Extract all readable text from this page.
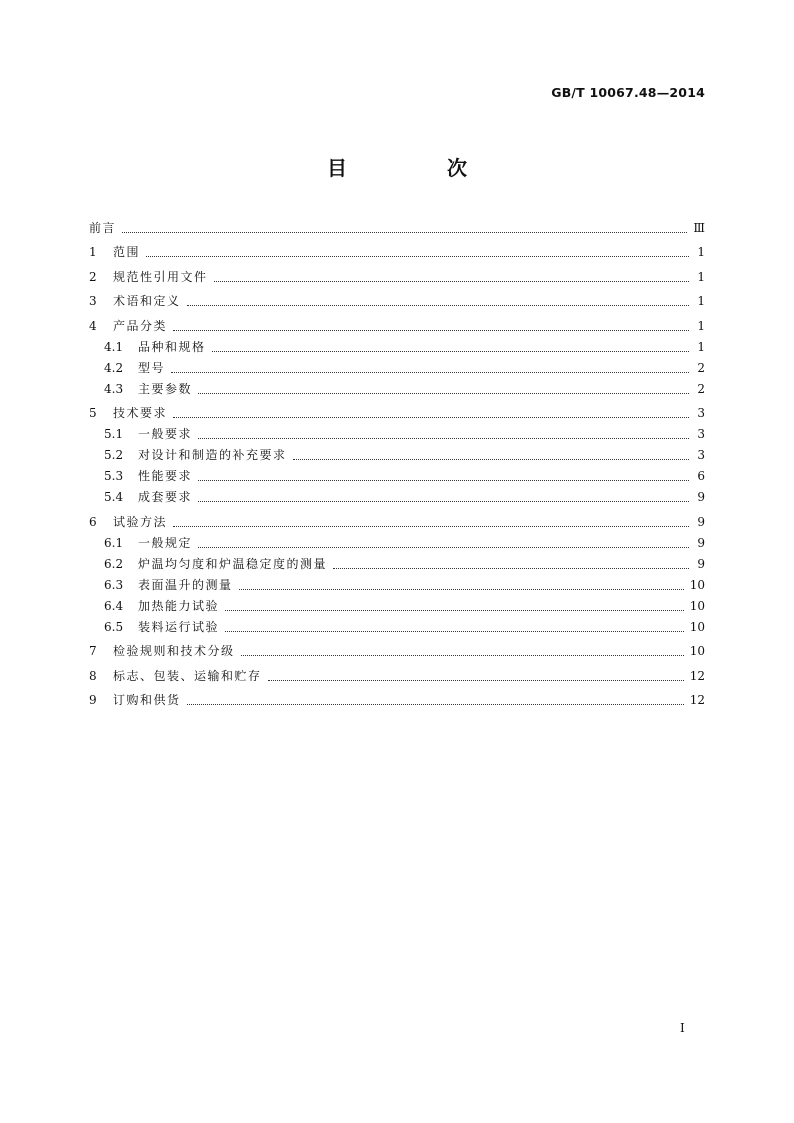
GB/T 10067.48—2014
目　次
前言	Ⅲ
1	范围	1
2	规范性引用文件	1
3	术语和定义	1
4	产品分类	1
4.1	品种和规格	1
4.2	型号	2
4.3	主要参数	2
5	技术要求	3
5.1	一般要求	3
5.2	对设计和制造的补充要求	3
5.3	性能要求	6
5.4	成套要求	9
6	试验方法	9
6.1	一般规定	9
6.2	炉温均匀度和炉温稳定度的测量	9
6.3	表面温升的测量	10
6.4	加热能力试验	10
6.5	装料运行试验	10
7	检验规则和技术分级	10
8	标志、包装、运输和贮存	12
9	订购和供货	12
I
